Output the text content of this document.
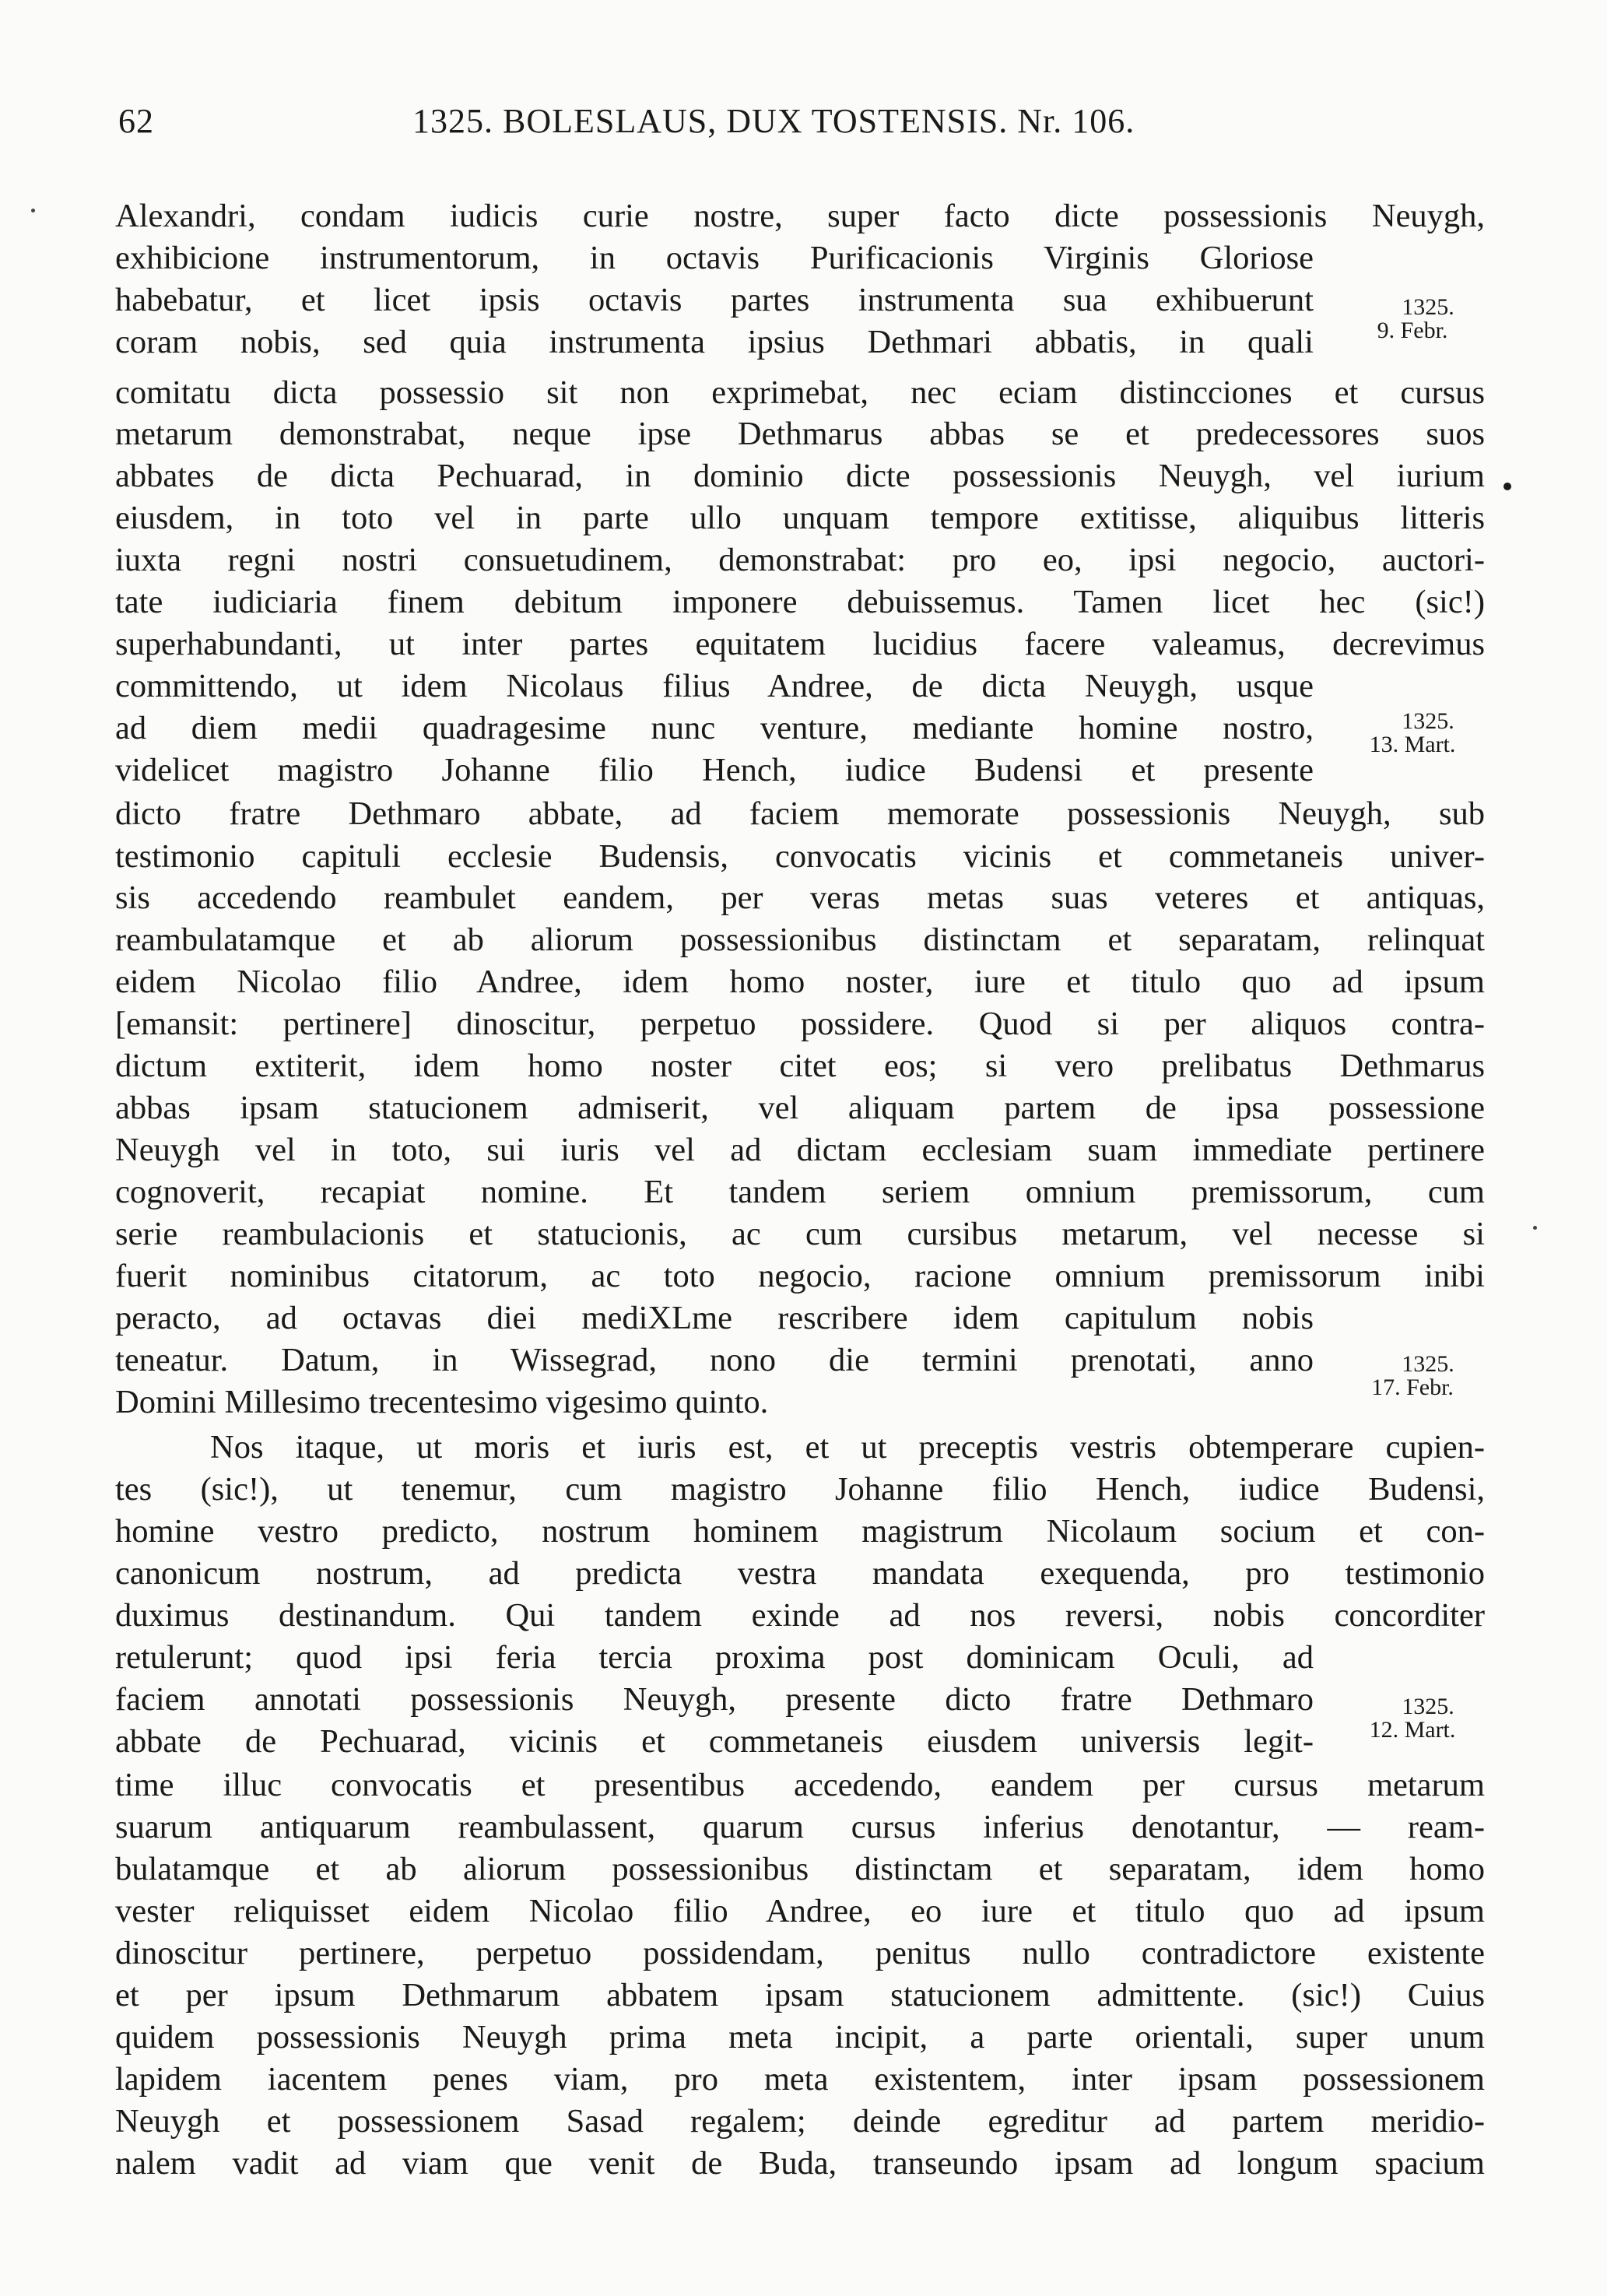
62	1325. BOLESLAUS, DUX TOSTENSIS. Nr. 106.
Alexandri, condam iudicis curie nostre, super facto dicte possessionis Neuygh,
exhibicione instrumentorum, in octavis Purificacionis Virginis Gloriose
habebatur, et licet ipsis octavis partes instrumenta sua exhibuerunt
coram nobis, sed quia instrumenta ipsius Dethmari abbatis, in quali
comitatu dicta possessio sit non exprimebat, nec eciam distincciones et cursus
metarum demonstrabat, neque ipse Dethmarus abbas se et predecessores suos
abbates de dicta Pechuarad, in dominio dicte possessionis Neuygh, vel iurium
eiusdem, in toto vel in parte ullo unquam tempore extitisse, aliquibus litteris
iuxta regni nostri consuetudinem, demonstrabat: pro eo, ipsi negocio, auctori-
tate iudiciaria finem debitum imponere debuissemus. Tamen licet hec (sic!)
superhabundanti, ut inter partes equitatem lucidius facere valeamus, decrevimus
committendo, ut idem Nicolaus filius Andree, de dicta Neuygh, usque
ad diem medii quadragesime nunc venture, mediante homine nostro,
videlicet magistro Johanne filio Hench, iudice Budensi et presente
dicto fratre Dethmaro abbate, ad faciem memorate possessionis Neuygh, sub
testimonio capituli ecclesie Budensis, convocatis vicinis et commetaneis univer-
sis accedendo reambulet eandem, per veras metas suas veteres et antiquas,
reambulatamque et ab aliorum possessionibus distinctam et separatam, relinquat
eidem Nicolao filio Andree, idem homo noster, iure et titulo quo ad ipsum
[emansit: pertinere] dinoscitur, perpetuo possidere. Quod si per aliquos contra-
dictum extiterit, idem homo noster citet eos; si vero prelibatus Dethmarus
abbas ipsam statucionem admiserit, vel aliquam partem de ipsa possessione
Neuygh vel in toto, sui iuris vel ad dictam ecclesiam suam immediate pertinere
cognoverit, recapiat nomine. Et tandem seriem omnium premissorum, cum
serie reambulacionis et statucionis, ac cum cursibus metarum, vel necesse si
fuerit nominibus citatorum, ac toto negocio, racione omnium premissorum inibi
peracto, ad octavas diei mediXLme rescribere idem capitulum nobis
teneatur. Datum, in Wissegrad, nono die termini prenotati, anno
Domini Millesimo trecentesimo vigesimo quinto.
Nos itaque, ut moris et iuris est, et ut preceptis vestris obtemperare cupien-
tes (sic!), ut tenemur, cum magistro Johanne filio Hench, iudice Budensi,
homine vestro predicto, nostrum hominem magistrum Nicolaum socium et con-
canonicum nostrum, ad predicta vestra mandata exequenda, pro testimonio
duximus destinandum. Qui tandem exinde ad nos reversi, nobis concorditer
retulerunt; quod ipsi feria tercia proxima post dominicam Oculi, ad
faciem annotati possessionis Neuygh, presente dicto fratre Dethmaro
abbate de Pechuarad, vicinis et commetaneis eiusdem universis legit-
time illuc convocatis et presentibus accedendo, eandem per cursus metarum
suarum antiquarum reambulassent, quarum cursus inferius denotantur, — ream-
bulatamque et ab aliorum possessionibus distinctam et separatam, idem homo
vester reliquisset eidem Nicolao filio Andree, eo iure et titulo quo ad ipsum
dinoscitur pertinere, perpetuo possidendam, penitus nullo contradictore existente
et per ipsum Dethmarum abbatem ipsam statucionem admittente. (sic!) Cuius
quidem possessionis Neuygh prima meta incipit, a parte orientali, super unum
lapidem iacentem penes viam, pro meta existentem, inter ipsam possessionem
Neuygh et possessionem Sasad regalem; deinde egreditur ad partem meridio-
nalem vadit ad viam que venit de Buda, transeundo ipsam ad longum spacium
1325.
9. Febr.
1325.
13. Mart.
1325.
17. Febr.
1325.
12. Mart.
